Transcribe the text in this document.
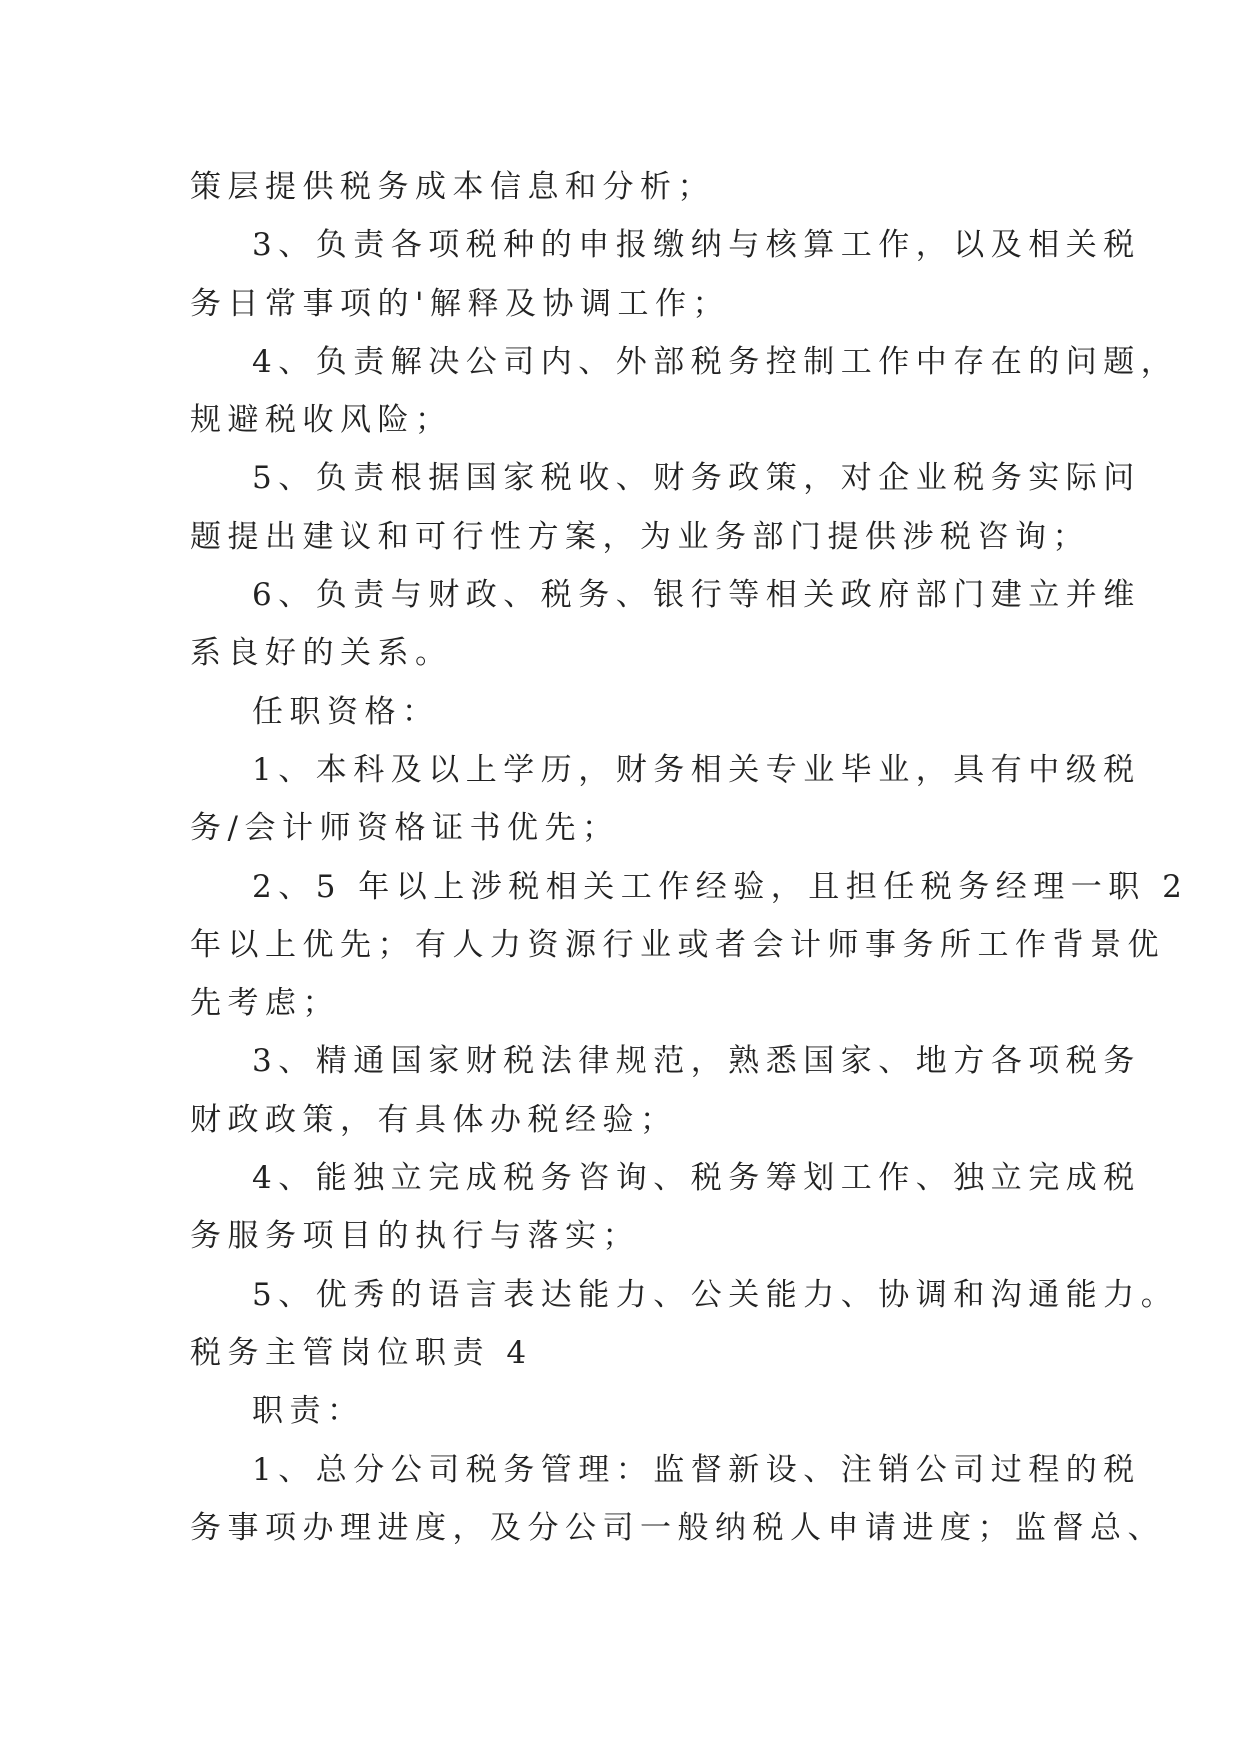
策层提供税务成本信息和分析；
3、负责各项税种的申报缴纳与核算工作，以及相关税
务日常事项的'解释及协调工作；
4、负责解决公司内、外部税务控制工作中存在的问题，
规避税收风险；
5、负责根据国家税收、财务政策，对企业税务实际问
题提出建议和可行性方案，为业务部门提供涉税咨询；
6、负责与财政、税务、银行等相关政府部门建立并维
系良好的关系。
任职资格：
1、本科及以上学历，财务相关专业毕业，具有中级税
务/会计师资格证书优先；
2、5 年以上涉税相关工作经验，且担任税务经理一职 2
年以上优先；有人力资源行业或者会计师事务所工作背景优
先考虑；
3、精通国家财税法律规范，熟悉国家、地方各项税务
财政政策，有具体办税经验；
4、能独立完成税务咨询、税务筹划工作、独立完成税
务服务项目的执行与落实；
5、优秀的语言表达能力、公关能力、协调和沟通能力。
税务主管岗位职责 4
职责：
1、总分公司税务管理：监督新设、注销公司过程的税
务事项办理进度，及分公司一般纳税人申请进度；监督总、
